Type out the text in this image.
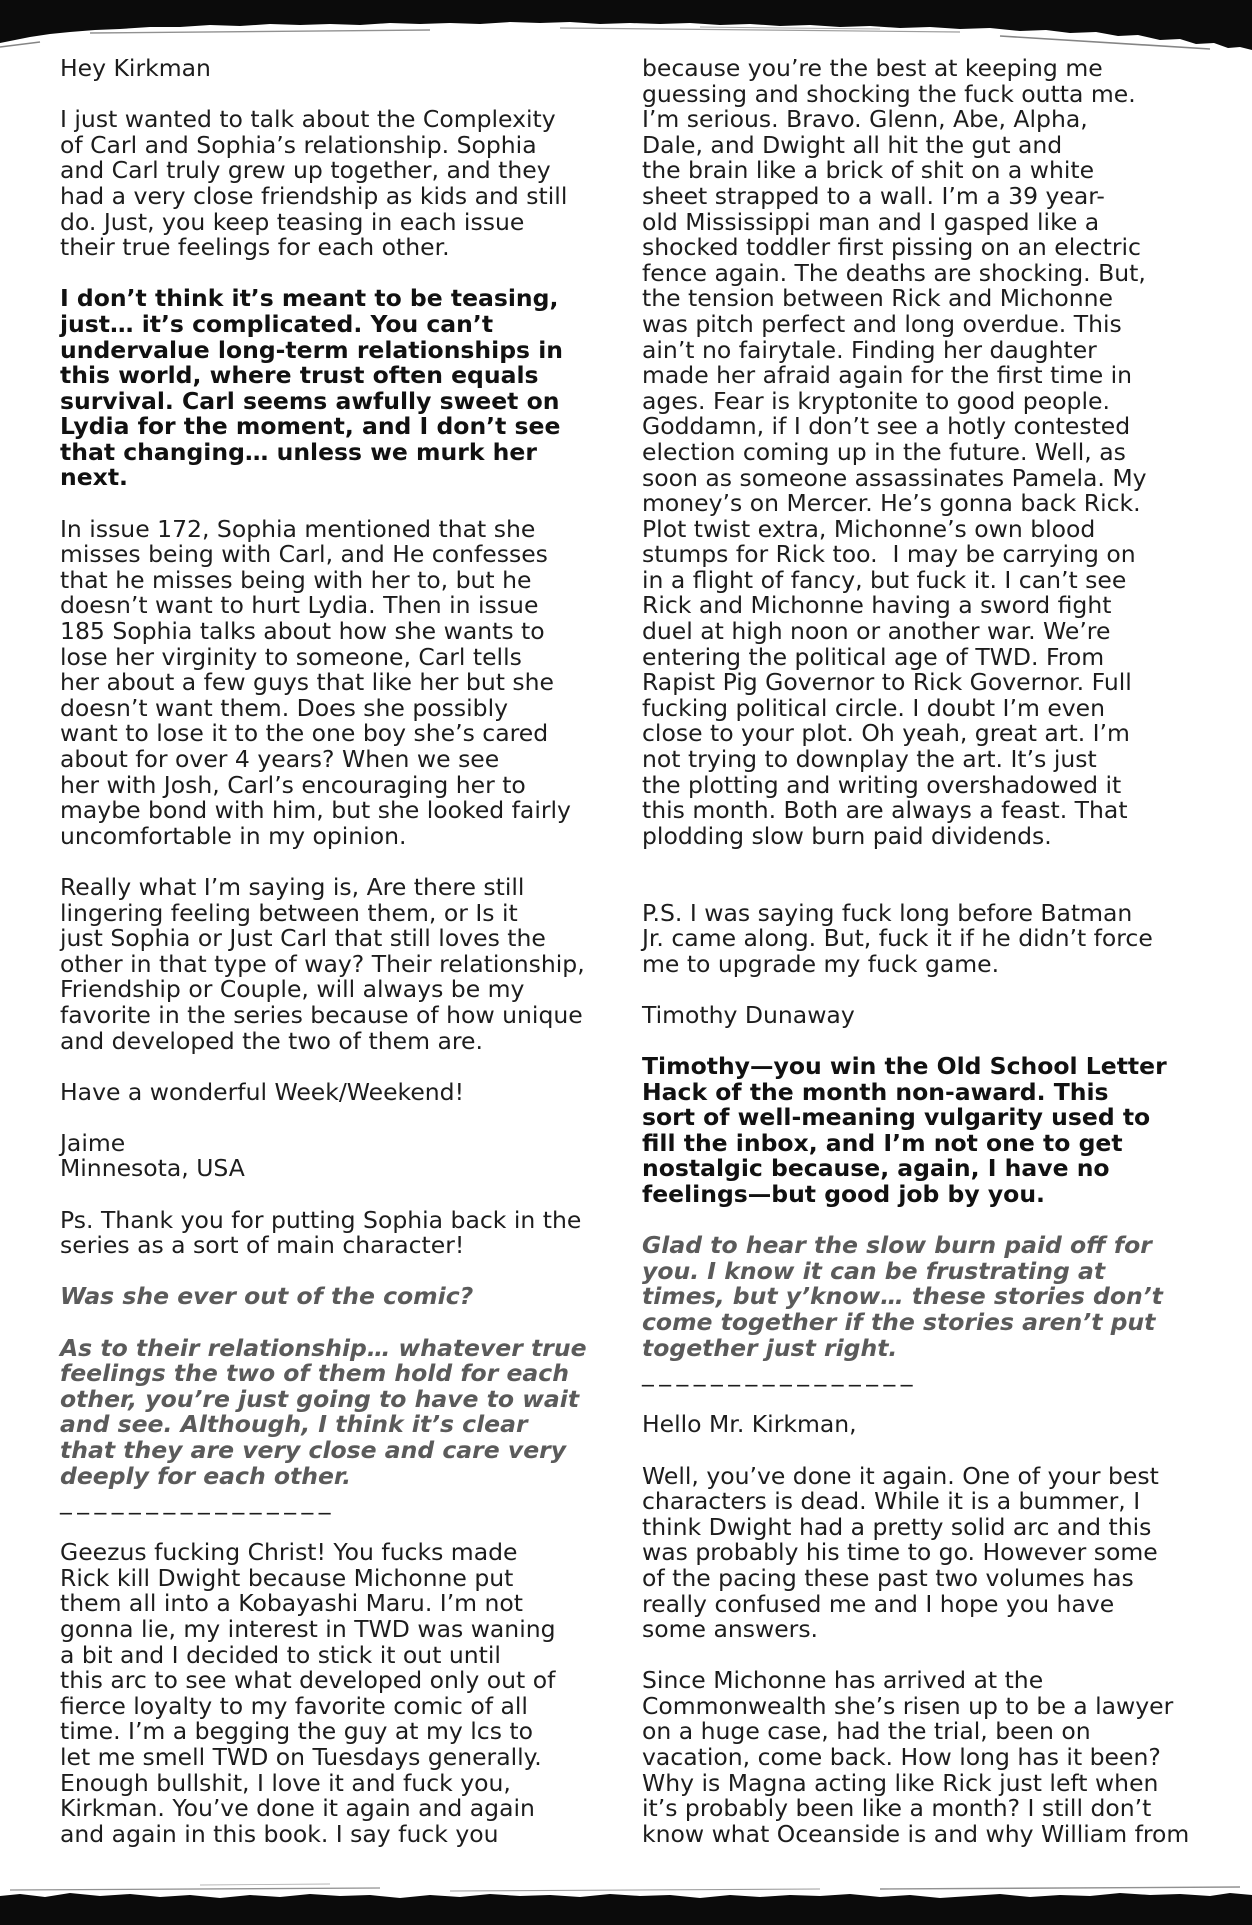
Hey Kirkman
I just wanted to talk about the Complexity
of Carl and Sophia’s relationship. Sophia
and Carl truly grew up together, and they
had a very close friendship as kids and still
do. Just, you keep teasing in each issue
their true feelings for each other.
I don’t think it’s meant to be teasing,
just… it’s complicated. You can’t
undervalue long-term relationships in
this world, where trust often equals
survival. Carl seems awfully sweet on
Lydia for the moment, and I don’t see
that changing… unless we murk her
next.
In issue 172, Sophia mentioned that she
misses being with Carl, and He confesses
that he misses being with her to, but he
doesn’t want to hurt Lydia. Then in issue
185 Sophia talks about how she wants to
lose her virginity to someone, Carl tells
her about a few guys that like her but she
doesn’t want them. Does she possibly
want to lose it to the one boy she’s cared
about for over 4 years? When we see
her with Josh, Carl’s encouraging her to
maybe bond with him, but she looked fairly
uncomfortable in my opinion.
Really what I’m saying is, Are there still
lingering feeling between them, or Is it
just Sophia or Just Carl that still loves the
other in that type of way? Their relationship,
Friendship or Couple, will always be my
favorite in the series because of how unique
and developed the two of them are.
Have a wonderful Week/Weekend!
Jaime
Minnesota, USA
Ps. Thank you for putting Sophia back in the
series as a sort of main character!
Was she ever out of the comic?
As to their relationship… whatever true
feelings the two of them hold for each
other, you’re just going to have to wait
and see. Although, I think it’s clear
that they are very close and care very
deeply for each other.
________________
Geezus fucking Christ! You fucks made
Rick kill Dwight because Michonne put
them all into a Kobayashi Maru. I’m not
gonna lie, my interest in TWD was waning
a bit and I decided to stick it out until
this arc to see what developed only out of
fierce loyalty to my favorite comic of all
time. I’m a begging the guy at my lcs to
let me smell TWD on Tuesdays generally.
Enough bullshit, I love it and fuck you,
Kirkman. You’ve done it again and again
and again in this book. I say fuck you
because you’re the best at keeping me
guessing and shocking the fuck outta me.
I’m serious. Bravo. Glenn, Abe, Alpha,
Dale, and Dwight all hit the gut and
the brain like a brick of shit on a white
sheet strapped to a wall. I’m a 39 year-
old Mississippi man and I gasped like a
shocked toddler first pissing on an electric
fence again. The deaths are shocking. But,
the tension between Rick and Michonne
was pitch perfect and long overdue. This
ain’t no fairytale. Finding her daughter
made her afraid again for the first time in
ages. Fear is kryptonite to good people.
Goddamn, if I don’t see a hotly contested
election coming up in the future. Well, as
soon as someone assassinates Pamela. My
money’s on Mercer. He’s gonna back Rick.
Plot twist extra, Michonne’s own blood
stumps for Rick too.  I may be carrying on
in a flight of fancy, but fuck it. I can’t see
Rick and Michonne having a sword fight
duel at high noon or another war. We’re
entering the political age of TWD. From
Rapist Pig Governor to Rick Governor. Full
fucking political circle. I doubt I’m even
close to your plot. Oh yeah, great art. I’m
not trying to downplay the art. It’s just
the plotting and writing overshadowed it
this month. Both are always a feast. That
plodding slow burn paid dividends.
P.S. I was saying fuck long before Batman
Jr. came along. But, fuck it if he didn’t force
me to upgrade my fuck game.
Timothy Dunaway
Timothy—you win the Old School Letter
Hack of the month non-award. This
sort of well-meaning vulgarity used to
fill the inbox, and I’m not one to get
nostalgic because, again, I have no
feelings—but good job by you.
Glad to hear the slow burn paid off for
you. I know it can be frustrating at
times, but y’know… these stories don’t
come together if the stories aren’t put
together just right.
________________
Hello Mr. Kirkman,
Well, you’ve done it again. One of your best
characters is dead. While it is a bummer, I
think Dwight had a pretty solid arc and this
was probably his time to go. However some
of the pacing these past two volumes has
really confused me and I hope you have
some answers.
Since Michonne has arrived at the
Commonwealth she’s risen up to be a lawyer
on a huge case, had the trial, been on
vacation, come back. How long has it been?
Why is Magna acting like Rick just left when
it’s probably been like a month? I still don’t
know what Oceanside is and why William from
